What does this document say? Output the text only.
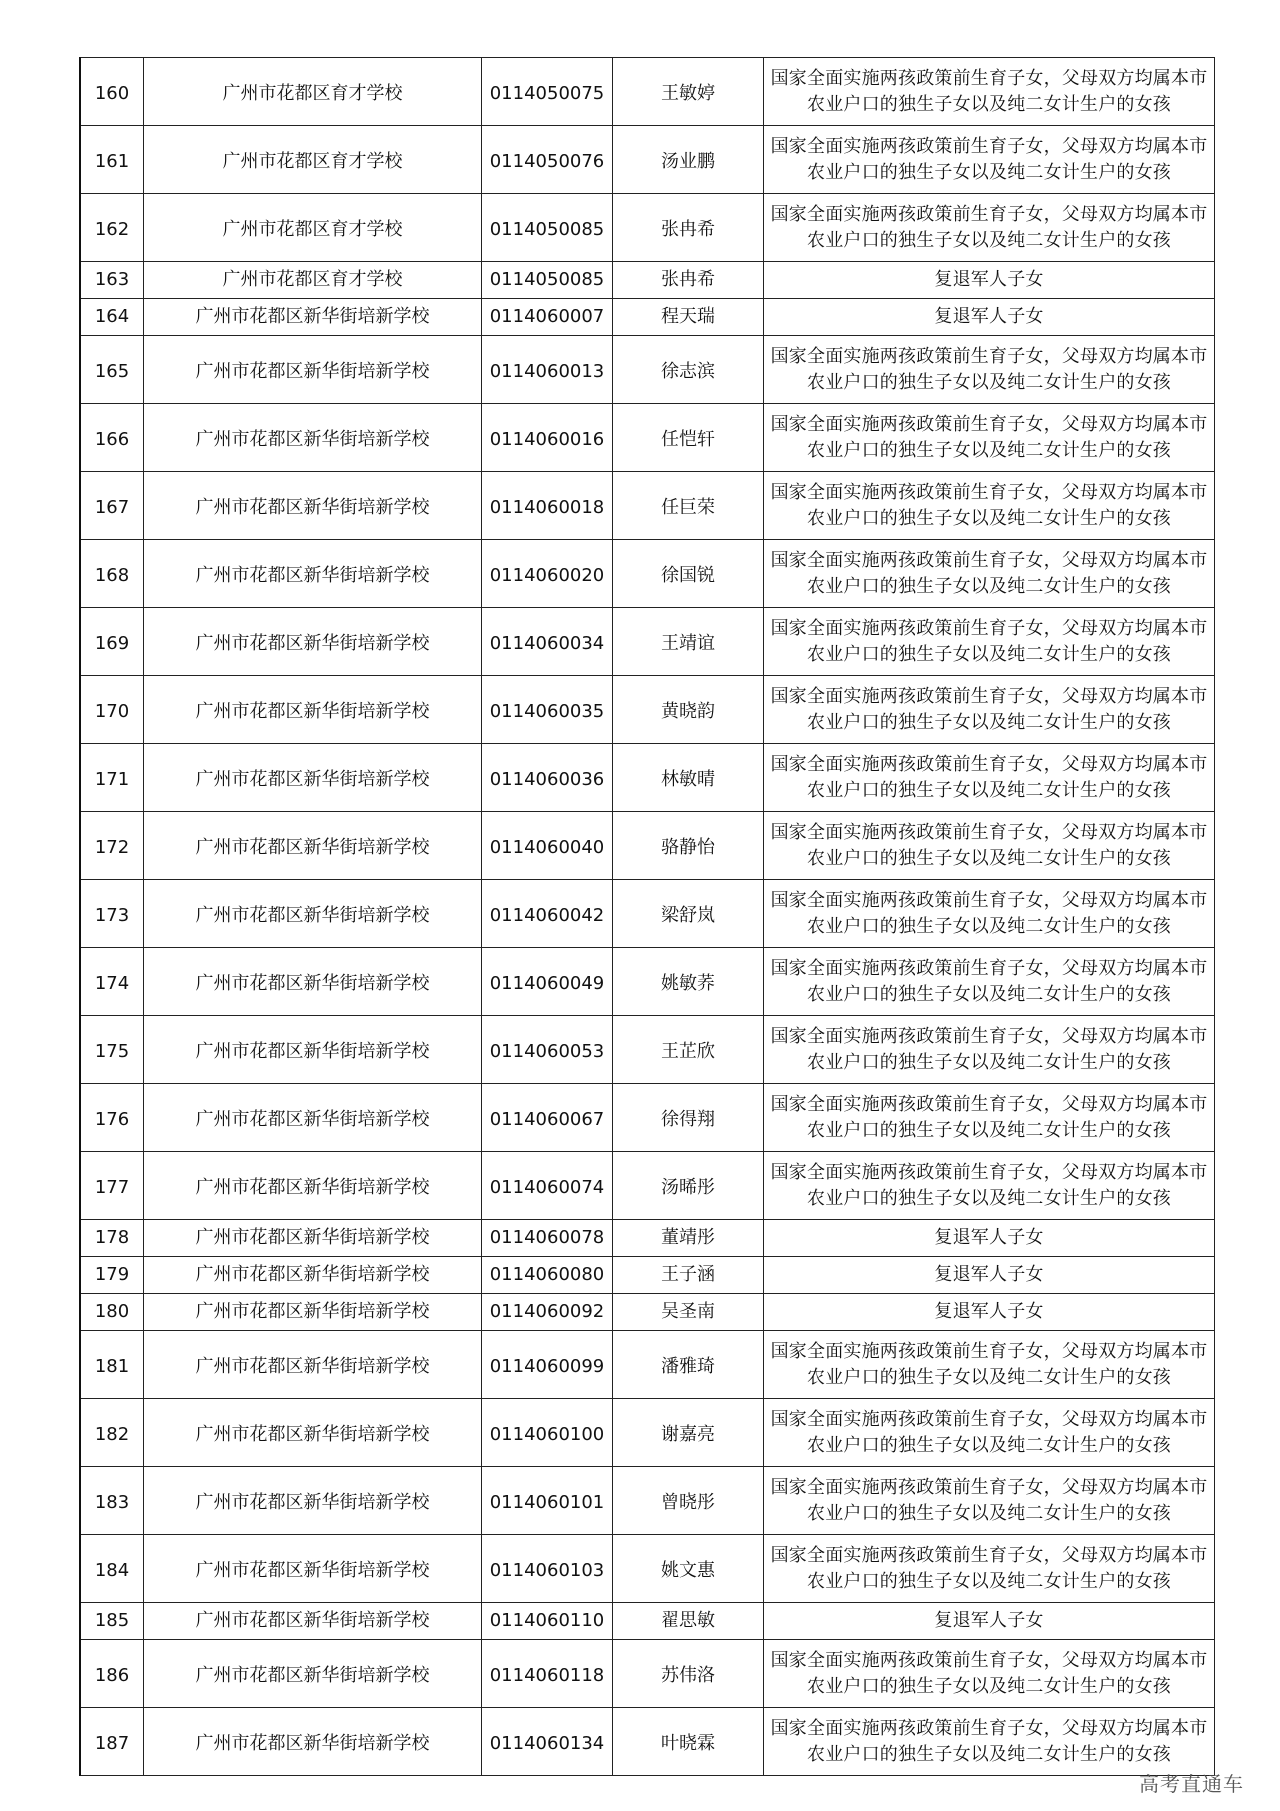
160	广州市花都区育才学校	0114050075	王敏婷	国家全面实施两孩政策前生育子女，父母双方均属本市农业户口的独生子女以及纯二女计生户的女孩

161	广州市花都区育才学校	0114050076	汤业鹏	国家全面实施两孩政策前生育子女，父母双方均属本市农业户口的独生子女以及纯二女计生户的女孩

162	广州市花都区育才学校	0114050085	张冉希	国家全面实施两孩政策前生育子女，父母双方均属本市农业户口的独生子女以及纯二女计生户的女孩

163	广州市花都区育才学校	0114050085	张冉希	复退军人子女

164	广州市花都区新华街培新学校	0114060007	程天瑞	复退军人子女

165	广州市花都区新华街培新学校	0114060013	徐志滨	国家全面实施两孩政策前生育子女，父母双方均属本市农业户口的独生子女以及纯二女计生户的女孩

166	广州市花都区新华街培新学校	0114060016	任恺轩	国家全面实施两孩政策前生育子女，父母双方均属本市农业户口的独生子女以及纯二女计生户的女孩

167	广州市花都区新华街培新学校	0114060018	任巨荣	国家全面实施两孩政策前生育子女，父母双方均属本市农业户口的独生子女以及纯二女计生户的女孩

168	广州市花都区新华街培新学校	0114060020	徐国锐	国家全面实施两孩政策前生育子女，父母双方均属本市农业户口的独生子女以及纯二女计生户的女孩

169	广州市花都区新华街培新学校	0114060034	王靖谊	国家全面实施两孩政策前生育子女，父母双方均属本市农业户口的独生子女以及纯二女计生户的女孩

170	广州市花都区新华街培新学校	0114060035	黄晓韵	国家全面实施两孩政策前生育子女，父母双方均属本市农业户口的独生子女以及纯二女计生户的女孩

171	广州市花都区新华街培新学校	0114060036	林敏晴	国家全面实施两孩政策前生育子女，父母双方均属本市农业户口的独生子女以及纯二女计生户的女孩

172	广州市花都区新华街培新学校	0114060040	骆静怡	国家全面实施两孩政策前生育子女，父母双方均属本市农业户口的独生子女以及纯二女计生户的女孩

173	广州市花都区新华街培新学校	0114060042	梁舒岚	国家全面实施两孩政策前生育子女，父母双方均属本市农业户口的独生子女以及纯二女计生户的女孩

174	广州市花都区新华街培新学校	0114060049	姚敏荞	国家全面实施两孩政策前生育子女，父母双方均属本市农业户口的独生子女以及纯二女计生户的女孩

175	广州市花都区新华街培新学校	0114060053	王芷欣	国家全面实施两孩政策前生育子女，父母双方均属本市农业户口的独生子女以及纯二女计生户的女孩

176	广州市花都区新华街培新学校	0114060067	徐得翔	国家全面实施两孩政策前生育子女，父母双方均属本市农业户口的独生子女以及纯二女计生户的女孩

177	广州市花都区新华街培新学校	0114060074	汤晞彤	国家全面实施两孩政策前生育子女，父母双方均属本市农业户口的独生子女以及纯二女计生户的女孩

178	广州市花都区新华街培新学校	0114060078	董靖彤	复退军人子女

179	广州市花都区新华街培新学校	0114060080	王子涵	复退军人子女

180	广州市花都区新华街培新学校	0114060092	吴圣南	复退军人子女

181	广州市花都区新华街培新学校	0114060099	潘雅琦	国家全面实施两孩政策前生育子女，父母双方均属本市农业户口的独生子女以及纯二女计生户的女孩

182	广州市花都区新华街培新学校	0114060100	谢嘉亮	国家全面实施两孩政策前生育子女，父母双方均属本市农业户口的独生子女以及纯二女计生户的女孩

183	广州市花都区新华街培新学校	0114060101	曾晓彤	国家全面实施两孩政策前生育子女，父母双方均属本市农业户口的独生子女以及纯二女计生户的女孩

184	广州市花都区新华街培新学校	0114060103	姚文惠	国家全面实施两孩政策前生育子女，父母双方均属本市农业户口的独生子女以及纯二女计生户的女孩

185	广州市花都区新华街培新学校	0114060110	翟思敏	复退军人子女

186	广州市花都区新华街培新学校	0114060118	苏伟洛	国家全面实施两孩政策前生育子女，父母双方均属本市农业户口的独生子女以及纯二女计生户的女孩

187	广州市花都区新华街培新学校	0114060134	叶晓霖	国家全面实施两孩政策前生育子女，父母双方均属本市农业户口的独生子女以及纯二女计生户的女孩
高考直通车
